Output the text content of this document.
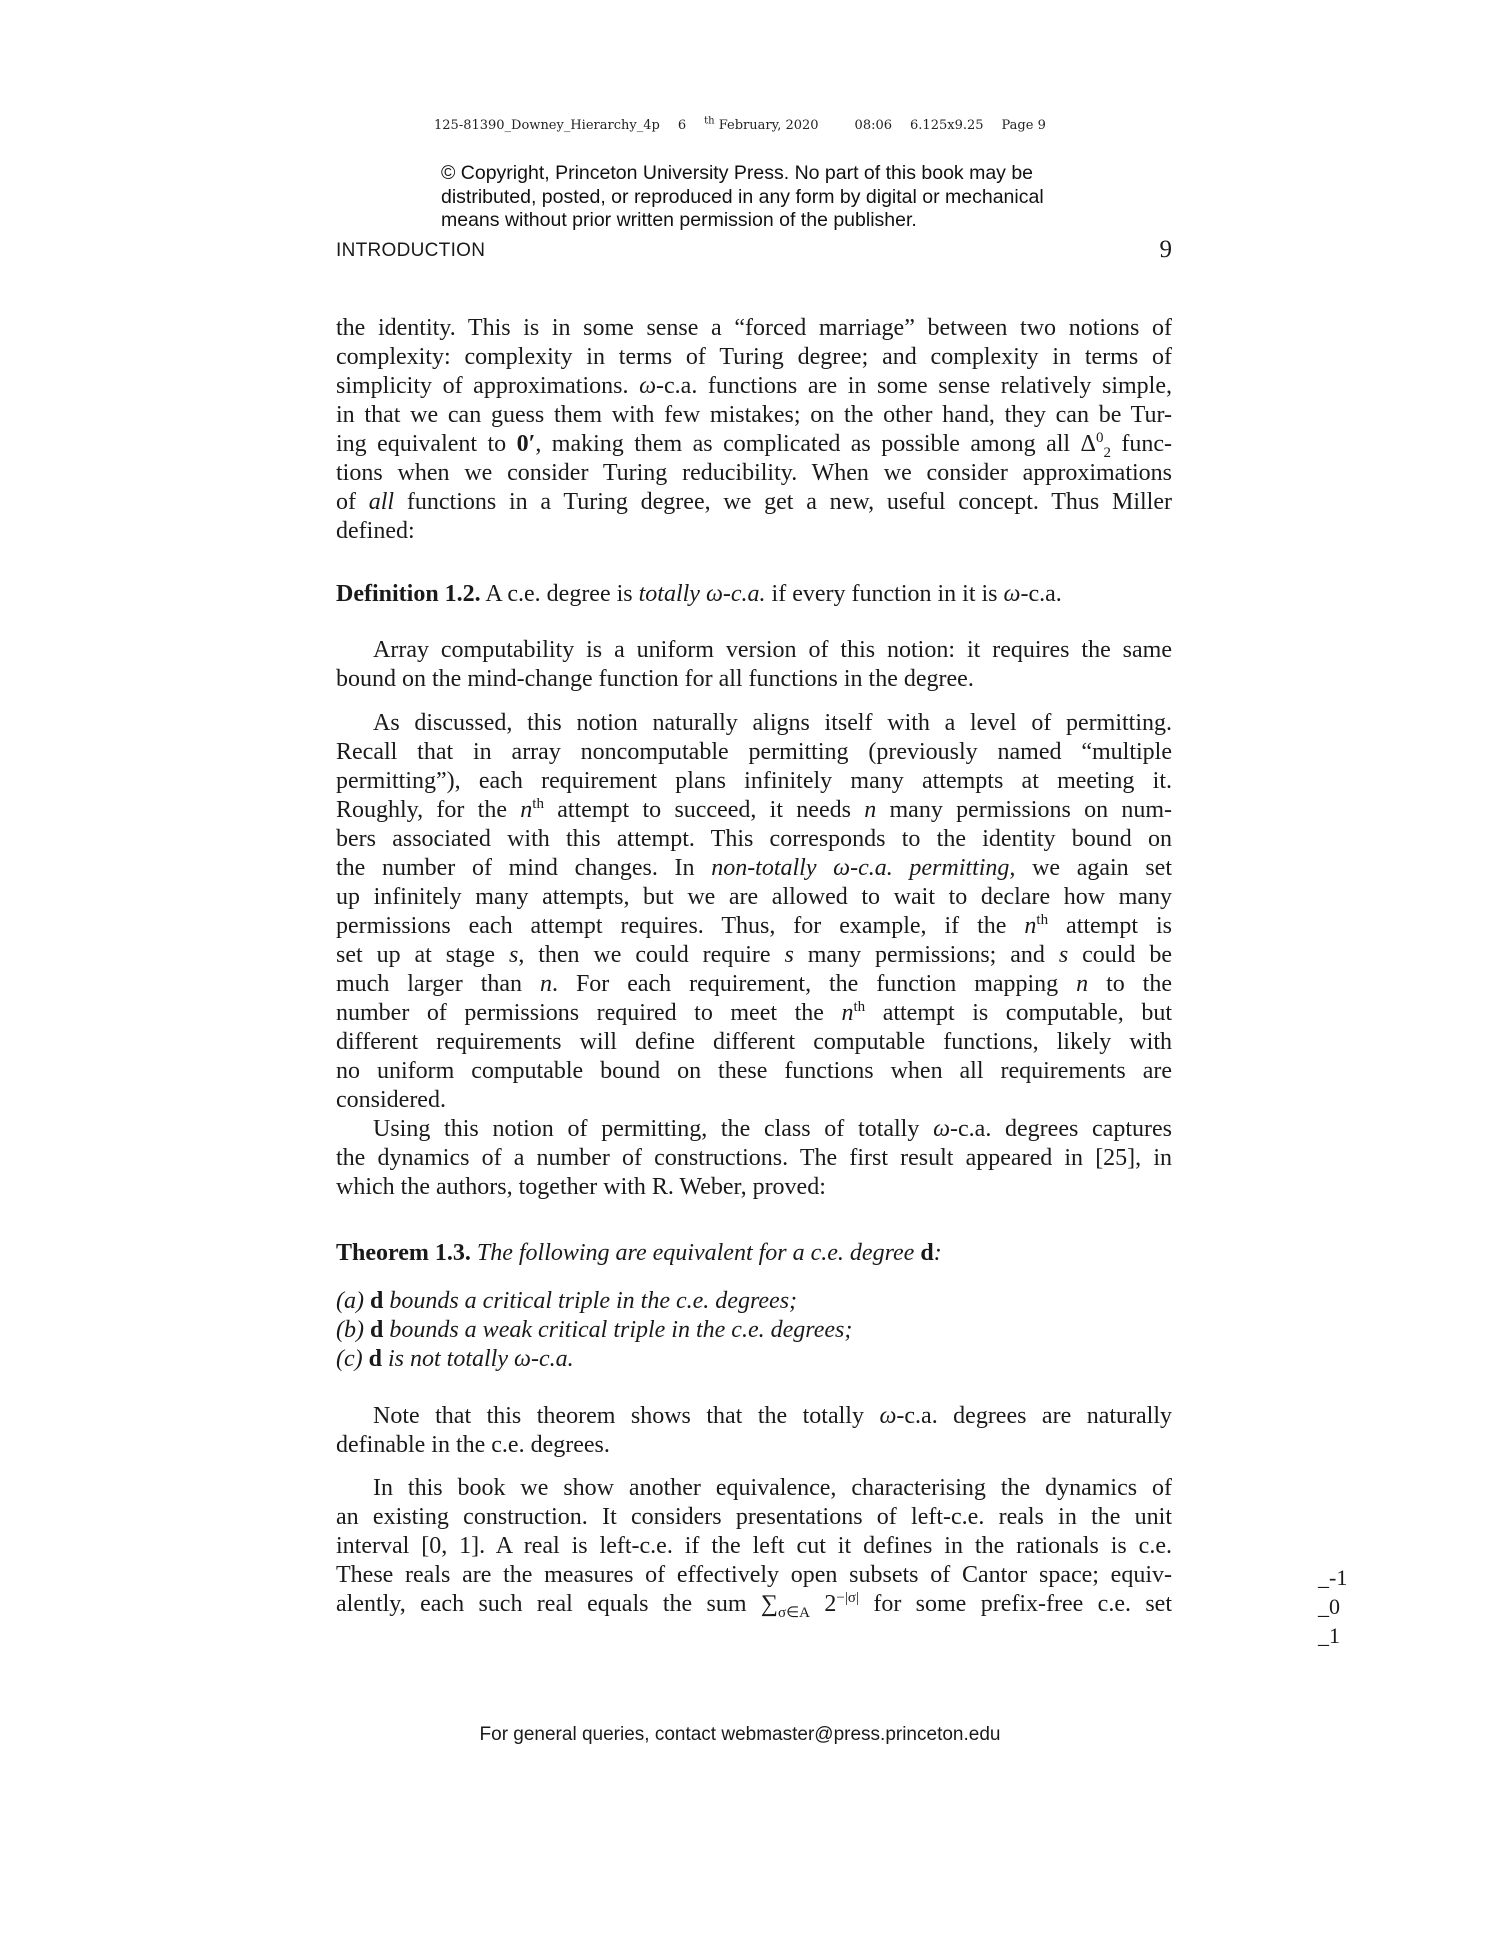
125-81390_Downey_Hierarchy_4p 6 $^{th}$ February, 2020	08:06 6.125x9.25 Page 9
© Copyright, Princeton University Press. No part of this book may be
distributed, posted, or reproduced in any form by digital or mechanical
means without prior written permission of the publisher.
INTRODUCTION	9
the identity. This is in some sense a “forced marriage” between two notions of
complexity: complexity in terms of Turing degree; and complexity in terms of
simplicity of approximations. ω-c.a. functions are in some sense relatively simple,
in that we can guess them with few mistakes; on the other hand, they can be Tur-
ing equivalent to 0′, making them as complicated as possible among all $\Delta^0_2$ func-
tions when we consider Turing reducibility. When we consider approximations
of all functions in a Turing degree, we get a new, useful concept. Thus Miller
defined:
Definition 1.2. A c.e. degree is totally ω-c.a. if every function in it is ω-c.a.
Array computability is a uniform version of this notion: it requires the same
bound on the mind-change function for all functions in the degree.
As discussed, this notion naturally aligns itself with a level of permitting.
Recall that in array noncomputable permitting (previously named “multiple
permitting”), each requirement plans infinitely many attempts at meeting it.
Roughly, for the $n^{th}$ attempt to succeed, it needs n many permissions on num-
bers associated with this attempt. This corresponds to the identity bound on
the number of mind changes. In non-totally ω-c.a. permitting, we again set
up infinitely many attempts, but we are allowed to wait to declare how many
permissions each attempt requires. Thus, for example, if the $n^{th}$ attempt is
set up at stage s, then we could require s many permissions; and s could be
much larger than n. For each requirement, the function mapping n to the
number of permissions required to meet the $n^{th}$ attempt is computable, but
different requirements will define different computable functions, likely with
no uniform computable bound on these functions when all requirements are
considered.
Using this notion of permitting, the class of totally ω-c.a. degrees captures
the dynamics of a number of constructions. The first result appeared in [25], in
which the authors, together with R. Weber, proved:
Theorem 1.3. The following are equivalent for a c.e. degree d:
(a) d bounds a critical triple in the c.e. degrees;
(b) d bounds a weak critical triple in the c.e. degrees;
(c) d is not totally ω-c.a.
Note that this theorem shows that the totally ω-c.a. degrees are naturally
definable in the c.e. degrees.
In this book we show another equivalence, characterising the dynamics of
an existing construction. It considers presentations of left-c.e. reals in the unit
interval [0, 1]. A real is left-c.e. if the left cut it defines in the rationals is c.e.
These reals are the measures of effectively open subsets of Cantor space; equiv-
alently, each such real equals the sum $\sum_{\sigma\in A}$ $2^{-|\sigma|}$ for some prefix-free c.e. set
_-1
_0
_1
For general queries, contact webmaster@press.princeton.edu
